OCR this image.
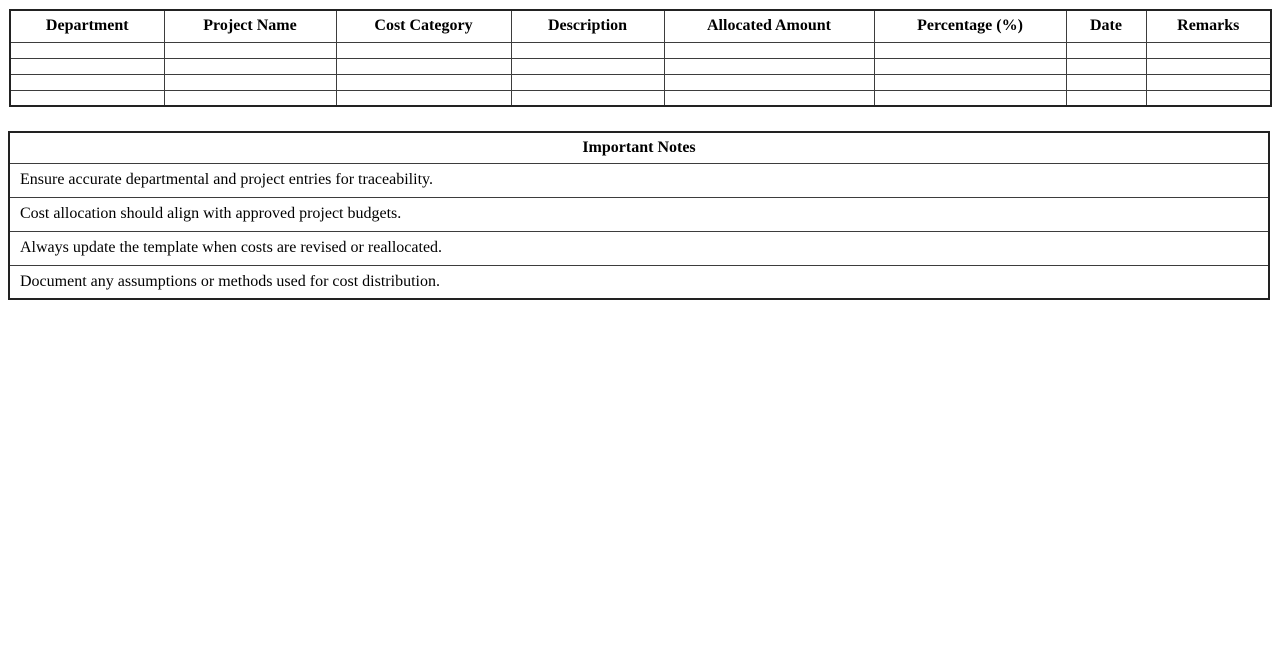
Department	Project Name	Cost Category	Description	Allocated Amount	Percentage (%)	Date	Remarks

Important Notes
Ensure accurate departmental and project entries for traceability.
Cost allocation should align with approved project budgets.
Always update the template when costs are revised or reallocated.
Document any assumptions or methods used for cost distribution.
